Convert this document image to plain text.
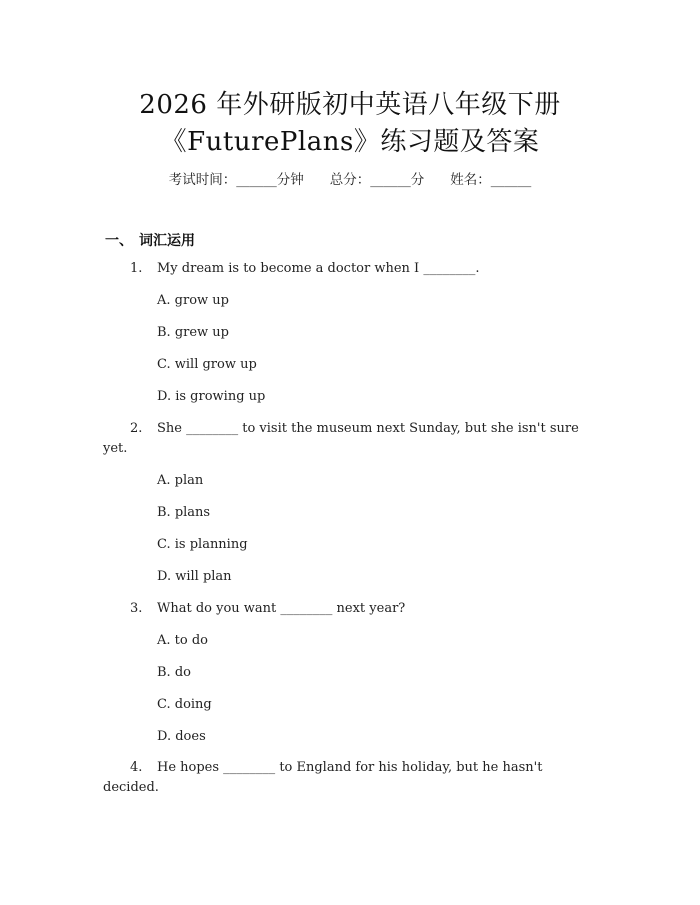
2026 年外研版初中英语八年级下册
《FuturePlans》练习题及答案
考试时间：______分钟 总分：______分 姓名：______
一、 词汇运用
1. My dream is to become a doctor when I ________.
A. grow up
B. grew up
C. will grow up
D. is growing up
2. She ________ to visit the museum next Sunday, but she isn't sure
yet.
A. plan
B. plans
C. is planning
D. will plan
3. What do you want ________ next year?
A. to do
B. do
C. doing
D. does
4. He hopes ________ to England for his holiday, but he hasn't
decided.
